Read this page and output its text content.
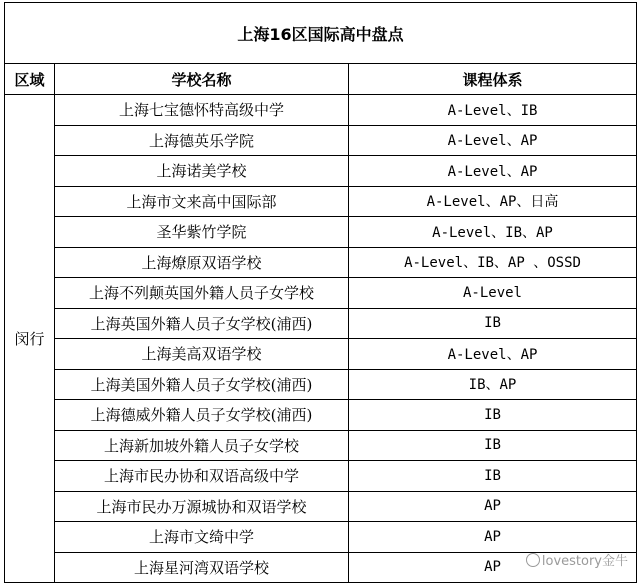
上海16区国际高中盘点		
区域	学校名称	课程体系
闵行	上海七宝德怀特高级中学	A-Level、IB
	上海德英乐学院	A-Level、AP
	上海诺美学校	A-Level、AP
	上海市文来高中国际部	A-Level、AP、日高
	圣华紫竹学院	A-Level、IB、AP
	上海燎原双语学校	A-Level、IB、AP 、OSSD
	上海不列颠英国外籍人员子女学校	A-Level
	上海英国外籍人员子女学校(浦西)	IB
	上海美高双语学校	A-Level、AP
	上海美国外籍人员子女学校(浦西)	IB、AP
	上海德威外籍人员子女学校(浦西)	IB
	上海新加坡外籍人员子女学校	IB
	上海市民办协和双语高级中学	IB
	上海市民办万源城协和双语学校	AP
	上海市文绮中学	AP
	上海星河湾双语学校	AP	lovestory金牛
